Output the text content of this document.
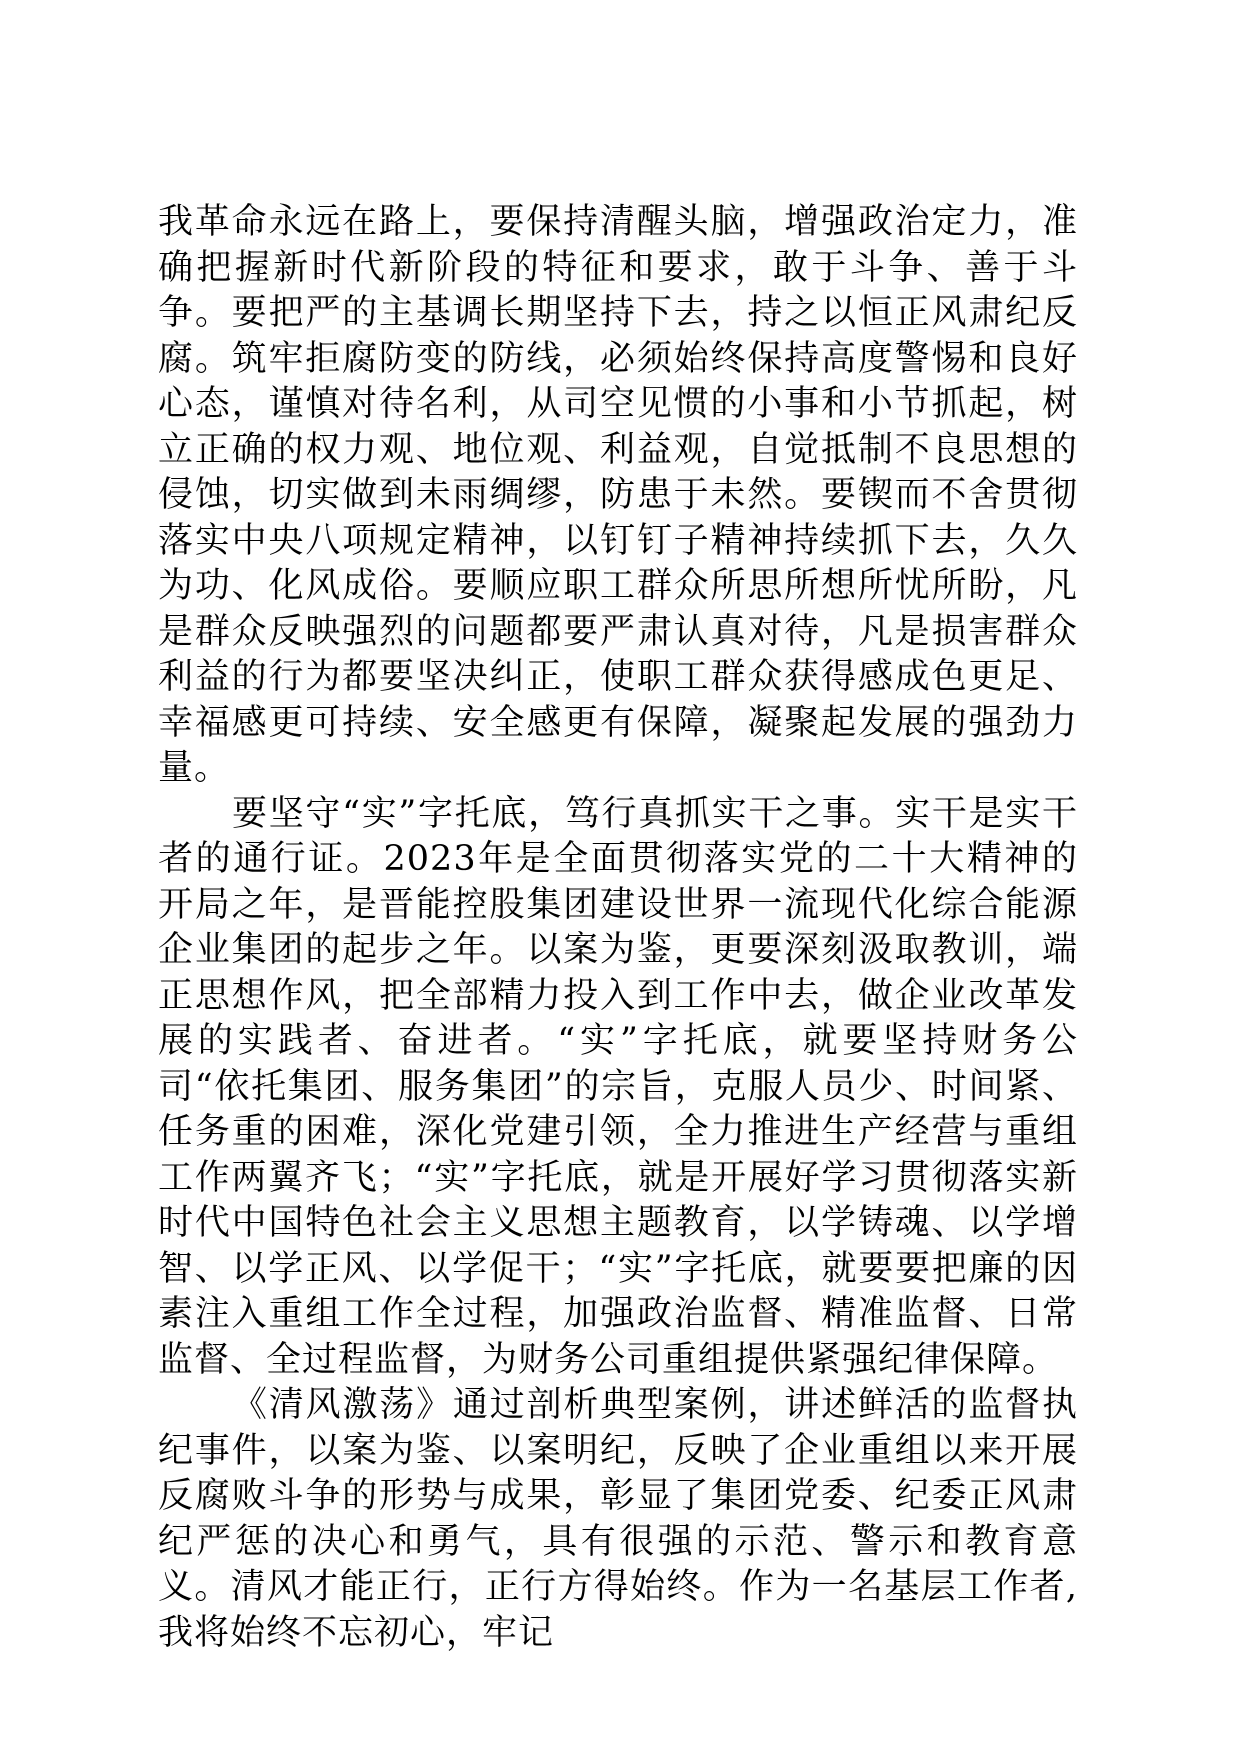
我革命永远在路上，要保持清醒头脑，增强政治定力，准确把握新时代新阶段的特征和要求，敢于斗争、善于斗争。要把严的主基调长期坚持下去，持之以恒正风肃纪反腐。筑牢拒腐防变的防线，必须始终保持高度警惕和良好心态，谨慎对待名利，从司空见惯的小事和小节抓起，树立正确的权力观、地位观、利益观，自觉抵制不良思想的侵蚀，切实做到未雨绸缪，防患于未然。要锲而不舍贯彻落实中央八项规定精神，以钉钉子精神持续抓下去，久久为功、化风成俗。要顺应职工群众所思所想所忧所盼，凡是群众反映强烈的问题都要严肃认真对待，凡是损害群众利益的行为都要坚决纠正，使职工群众获得感成色更足、幸福感更可持续、安全感更有保障，凝聚起发展的强劲力量。

要坚守“实”字托底，笃行真抓实干之事。实干是实干者的通行证。2023年是全面贯彻落实党的二十大精神的开局之年，是晋能控股集团建设世界一流现代化综合能源企业集团的起步之年。以案为鉴，更要深刻汲取教训，端正思想作风，把全部精力投入到工作中去，做企业改革发展的实践者、奋进者。“实”字托底，就要坚持财务公司“依托集团、服务集团”的宗旨，克服人员少、时间紧、任务重的困难，深化党建引领，全力推进生产经营与重组工作两翼齐飞；“实”字托底，就是开展好学习贯彻落实新时代中国特色社会主义思想主题教育，以学铸魂、以学增智、以学正风、以学促干；“实”字托底，就要要把廉的因素注入重组工作全过程，加强政治监督、精准监督、日常监督、全过程监督，为财务公司重组提供紧强纪律保障。

《清风激荡》通过剖析典型案例，讲述鲜活的监督执纪事件，以案为鉴、以案明纪，反映了企业重组以来开展反腐败斗争的形势与成果，彰显了集团党委、纪委正风肃纪严惩的决心和勇气，具有很强的示范、警示和教育意义。清风才能正行，正行方得始终。作为一名基层工作者,我将始终不忘初心，牢记
